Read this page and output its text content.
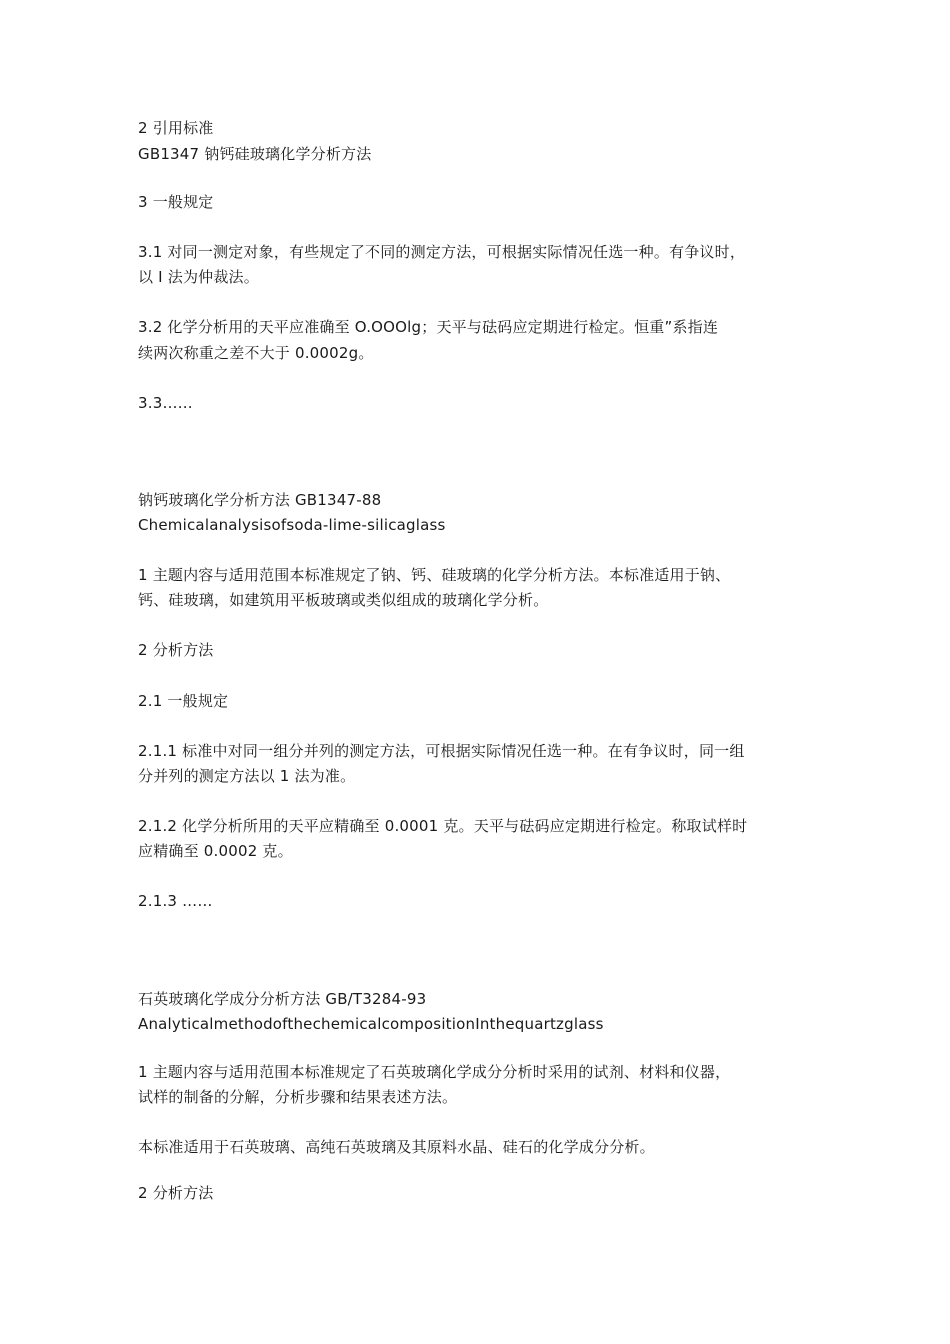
2 引用标准
GB1347 钠钙硅玻璃化学分析方法
3 一般规定
3.1 对同一测定对象，有些规定了不同的测定方法，可根据实际情况任选一种。有争议时，
以 I 法为仲裁法。
3.2 化学分析用的天平应准确至 O.OOOlg；天平与砝码应定期进行检定。恒重”系指连
续两次称重之差不大于 0.0002g。
3.3……
钠钙玻璃化学分析方法 GB1347-88
Chemicalanalysisofsoda-lime-silicaglass
1 主题内容与适用范围本标准规定了钠、钙、硅玻璃的化学分析方法。本标准适用于钠、
钙、硅玻璃，如建筑用平板玻璃或类似组成的玻璃化学分析。
2 分析方法
2.1 一般规定
2.1.1 标准中对同一组分并列的测定方法，可根据实际情况任选一种。在有争议时，同一组
分并列的测定方法以 1 法为准。
2.1.2 化学分析所用的天平应精确至 0.0001 克。天平与砝码应定期进行检定。称取试样时
应精确至 0.0002 克。
2.1.3 ……
石英玻璃化学成分分析方法 GB/T3284-93
AnalyticalmethodofthechemicalcompositionInthequartzglass
1 主题内容与适用范围本标准规定了石英玻璃化学成分分析时采用的试剂、材料和仪器，
试样的制备的分解，分析步骤和结果表述方法。
本标准适用于石英玻璃、高纯石英玻璃及其原料水晶、硅石的化学成分分析。
2 分析方法
